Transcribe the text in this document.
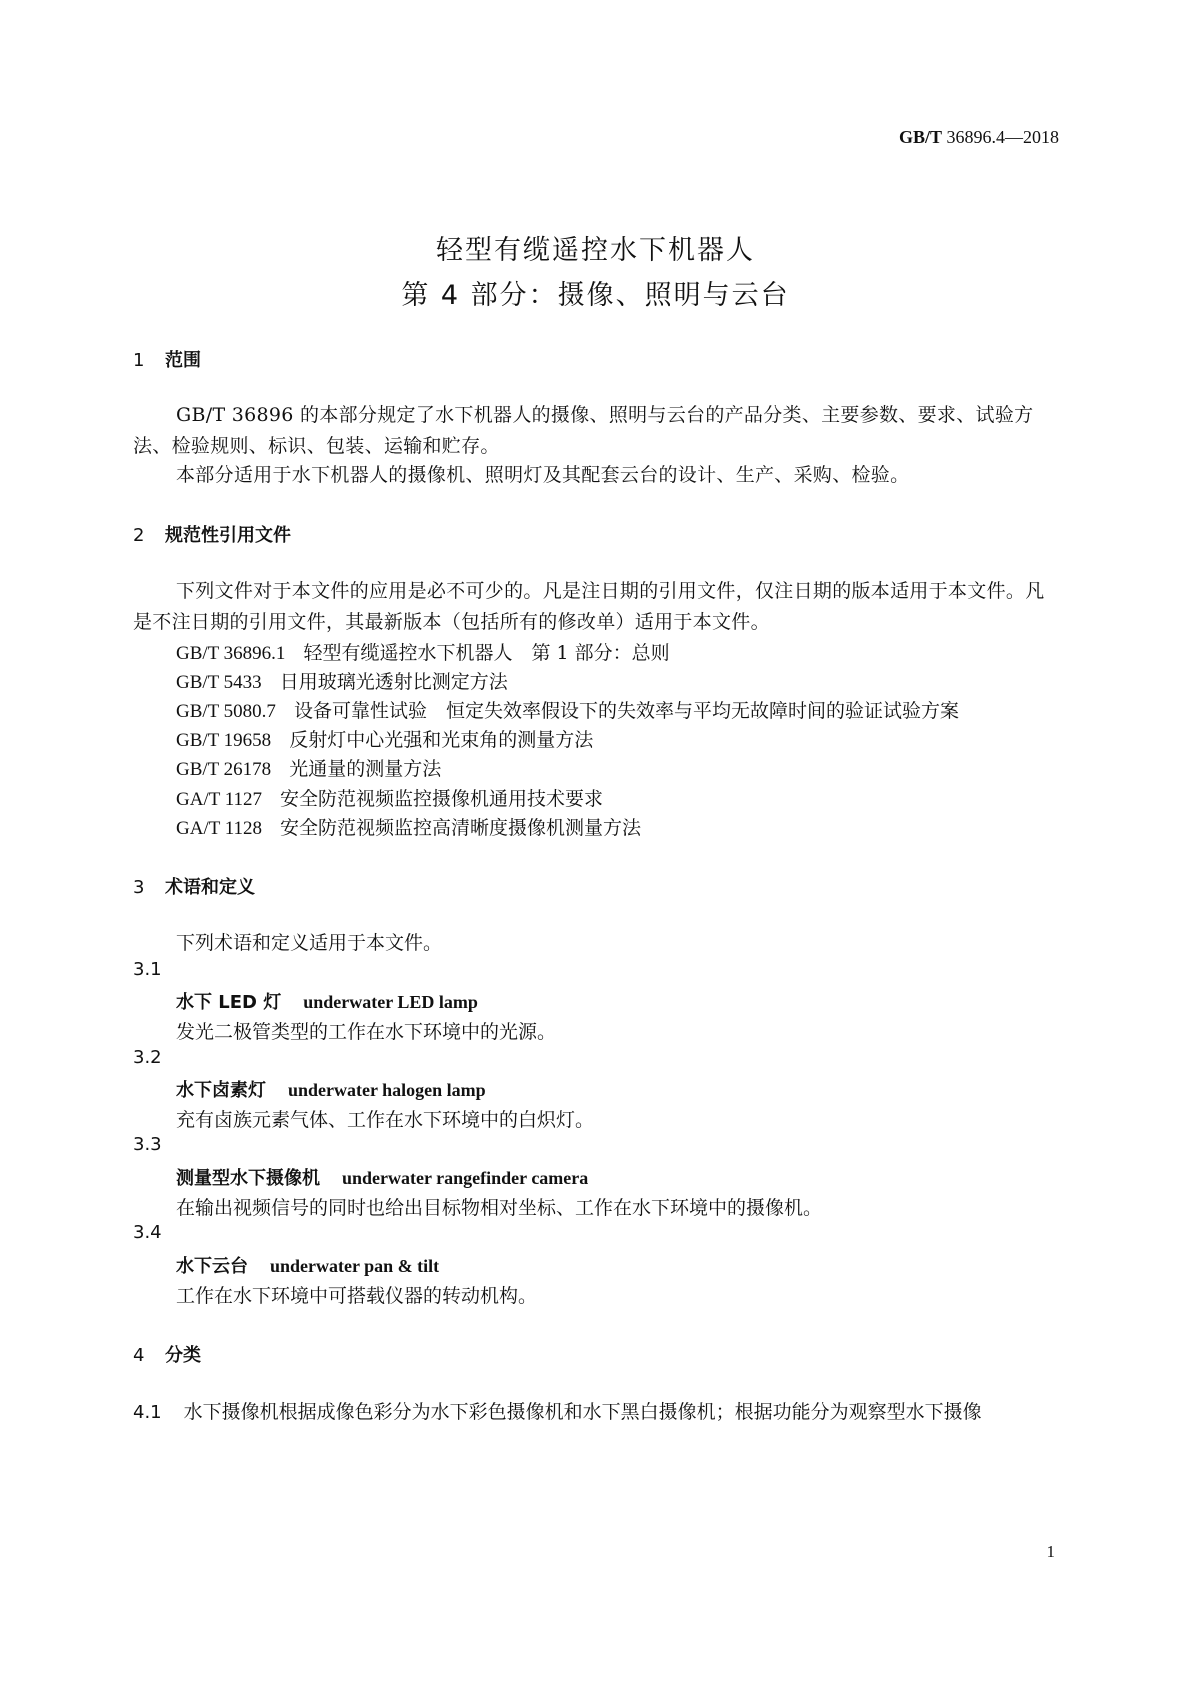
GB/T 36896.4—2018
轻型有缆遥控水下机器人
第 4 部分：摄像、照明与云台
1 范围
GB/T 36896 的本部分规定了水下机器人的摄像、照明与云台的产品分类、主要参数、要求、试验方法、检验规则、标识、包装、运输和贮存。
本部分适用于水下机器人的摄像机、照明灯及其配套云台的设计、生产、采购、检验。
2 规范性引用文件
下列文件对于本文件的应用是必不可少的。凡是注日期的引用文件，仅注日期的版本适用于本文件。凡是不注日期的引用文件，其最新版本（包括所有的修改单）适用于本文件。
GB/T 36896.1 轻型有缆遥控水下机器人　第 1 部分：总则
GB/T 5433 日用玻璃光透射比测定方法
GB/T 5080.7 设备可靠性试验　恒定失效率假设下的失效率与平均无故障时间的验证试验方案
GB/T 19658 反射灯中心光强和光束角的测量方法
GB/T 26178 光通量的测量方法
GA/T 1127 安全防范视频监控摄像机通用技术要求
GA/T 1128 安全防范视频监控高清晰度摄像机测量方法
3 术语和定义
下列术语和定义适用于本文件。
3.1
水下 LED 灯 underwater LED lamp
发光二极管类型的工作在水下环境中的光源。
3.2
水下卤素灯 underwater halogen lamp
充有卤族元素气体、工作在水下环境中的白炽灯。
3.3
测量型水下摄像机 underwater rangefinder camera
在输出视频信号的同时也给出目标物相对坐标、工作在水下环境中的摄像机。
3.4
水下云台 underwater pan & tilt
工作在水下环境中可搭载仪器的转动机构。
4 分类
4.1 水下摄像机根据成像色彩分为水下彩色摄像机和水下黑白摄像机；根据功能分为观察型水下摄像
1
